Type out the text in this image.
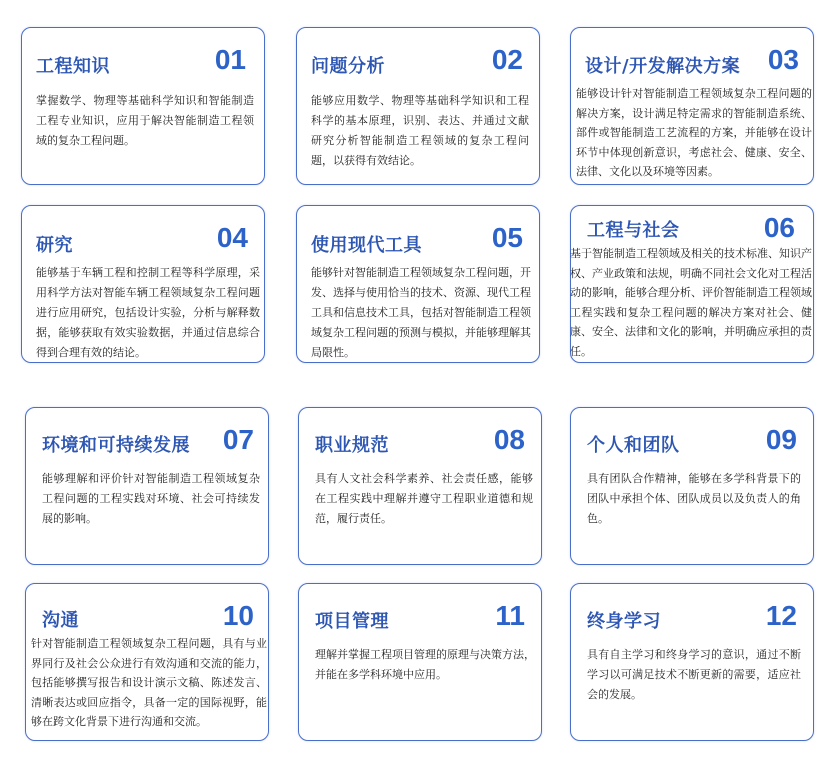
工程知识	01
掌握数学、物理等基础科学知识和智能制造工程专业知识，应用于解决智能制造工程领域的复杂工程问题。
问题分析	02
能够应用数学、物理等基础科学知识和工程科学的基本原理，识别、表达、并通过文献研究分析智能制造工程领域的复杂工程问题，以获得有效结论。
设计/开发解决方案 03
能够设计针对智能制造工程领域复杂工程问题的解决方案，设计满足特定需求的智能制造系统、部件或智能制造工艺流程的方案，并能够在设计环节中体现创新意识，考虑社会、健康、安全、法律、文化以及环境等因素。
研究	04
能够基于车辆工程和控制工程等科学原理，采用科学方法对智能车辆工程领域复杂工程问题进行应用研究，包括设计实验，分析与解释数据，能够获取有效实验数据，并通过信息综合得到合理有效的结论。
使用现代工具 05
能够针对智能制造工程领域复杂工程问题，开发、选择与使用恰当的技术、资源、现代工程工具和信息技术工具，包括对智能制造工程领域复杂工程问题的预测与模拟，并能够理解其局限性。
工程与社会	06
基于智能制造工程领域及相关的技术标准、知识产权、产业政策和法规，明确不同社会文化对工程活动的影响，能够合理分析、评价智能制造工程领域工程实践和复杂工程问题的解决方案对社会、健康、安全、法律和文化的影响，并明确应承担的责任。
环境和可持续发展 07
能够理解和评价针对智能制造工程领域复杂工程问题的工程实践对环境、社会可持续发展的影响。
职业规范	08
具有人文社会科学素养、社会责任感，能够在工程实践中理解并遵守工程职业道德和规范，履行责任。
个人和团队	09
具有团队合作精神，能够在多学科背景下的团队中承担个体、团队成员以及负责人的角色。
沟通	10
针对智能制造工程领域复杂工程问题，具有与业界同行及社会公众进行有效沟通和交流的能力，包括能够撰写报告和设计演示文稿、陈述发言、清晰表达或回应指令，具备一定的国际视野，能够在跨文化背景下进行沟通和交流。
项目管理	11
理解并掌握工程项目管理的原理与决策方法，并能在多学科环境中应用。
终身学习	12
具有自主学习和终身学习的意识，通过不断学习以可满足技术不断更新的需要，适应社会的发展。
